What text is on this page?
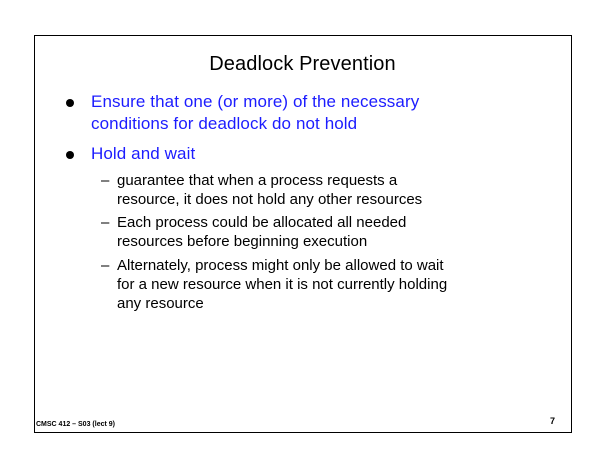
Deadlock Prevention
Ensure that one (or more) of the necessary
conditions for deadlock do not hold
Hold and wait
– guarantee that when a process requests a
resource, it does not hold any other resources
– Each process could be allocated all needed
resources before beginning execution
– Alternately, process might only be allowed to wait
for a new resource when it is not currently holding
any resource
CMSC 412 – S03 (lect 9)	7
